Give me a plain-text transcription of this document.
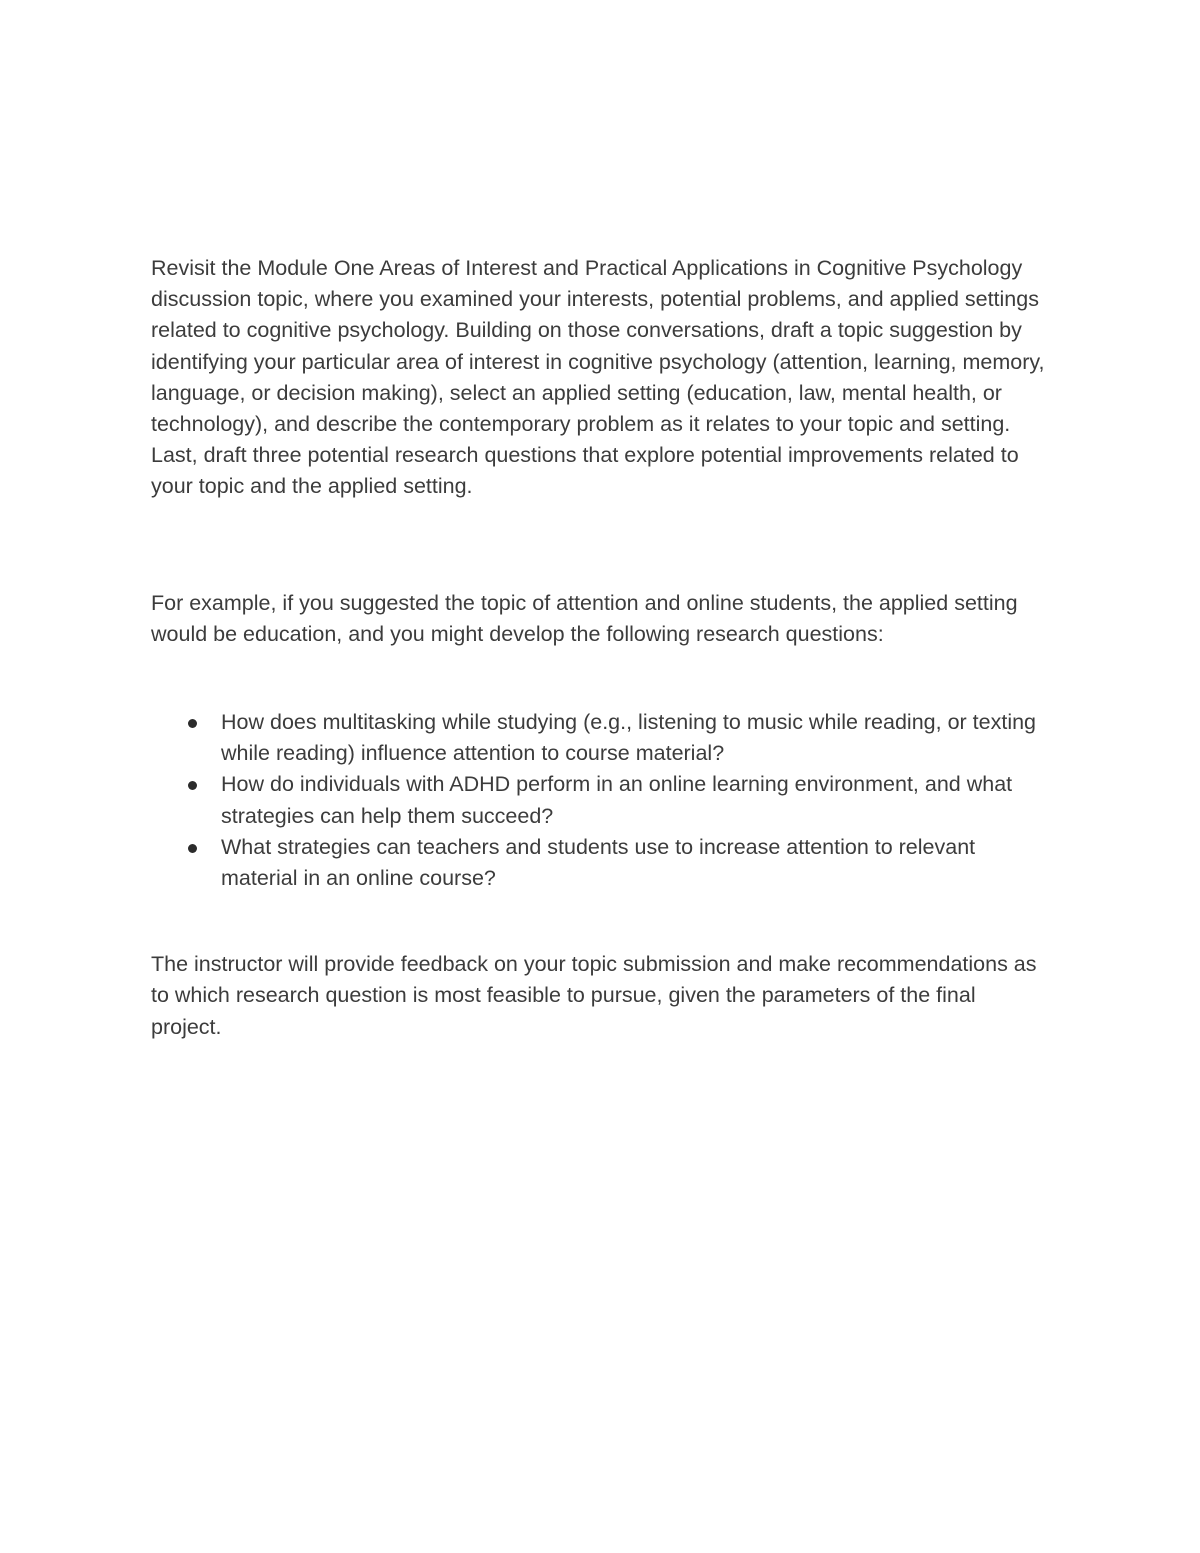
Revisit the Module One Areas of Interest and Practical Applications in Cognitive Psychology discussion topic, where you examined your interests, potential problems, and applied settings related to cognitive psychology. Building on those conversations, draft a topic suggestion by identifying your particular area of interest in cognitive psychology (attention, learning, memory, language, or decision making), select an applied setting (education, law, mental health, or technology), and describe the contemporary problem as it relates to your topic and setting. Last, draft three potential research questions that explore potential improvements related to your topic and the applied setting.

For example, if you suggested the topic of attention and online students, the applied setting would be education, and you might develop the following research questions:

How does multitasking while studying (e.g., listening to music while reading, or texting while reading) influence attention to course material?
How do individuals with ADHD perform in an online learning environment, and what strategies can help them succeed?
What strategies can teachers and students use to increase attention to relevant material in an online course?

The instructor will provide feedback on your topic submission and make recommendations as to which research question is most feasible to pursue, given the parameters of the final project.
